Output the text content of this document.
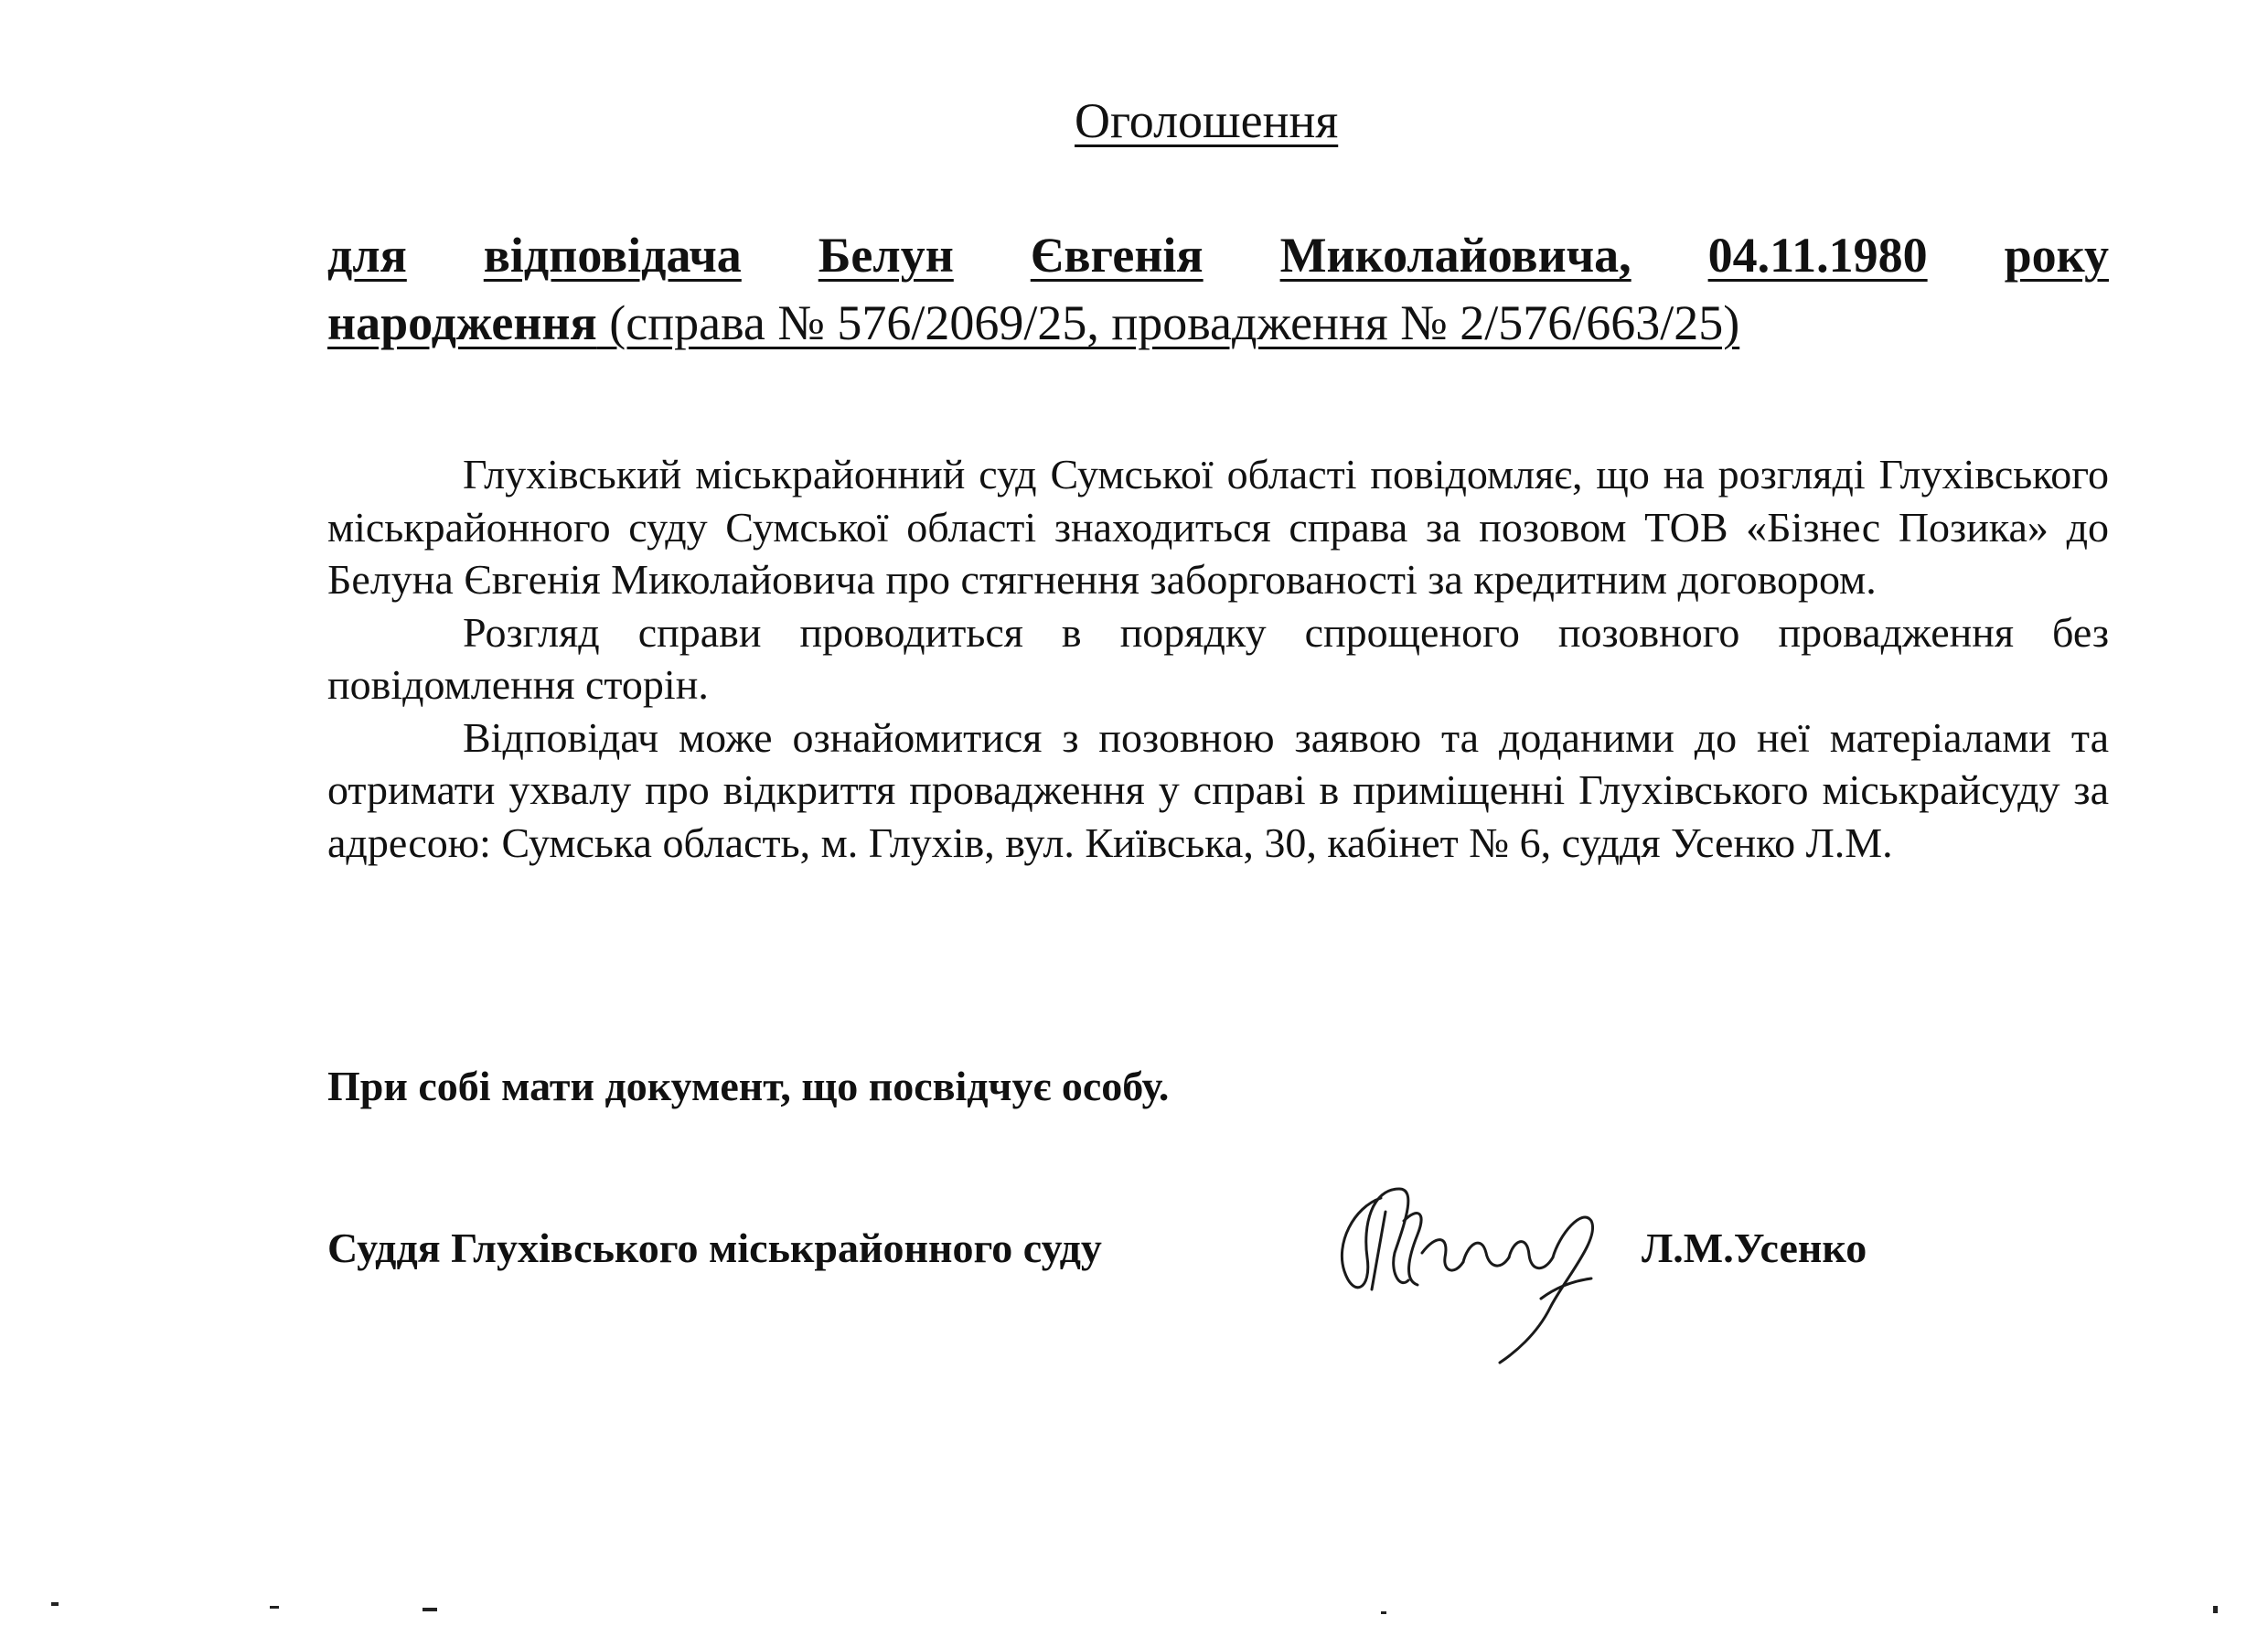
Оголошення
для відповідача Белун Євгенія Миколайовича, 04.11.1980 року
народження (справа № 576/2069/25, провадження № 2/576/663/25)

Глухівський міськрайонний суд Сумської області повідомляє, що на розгляді Глухівського міськрайонного суду Сумської області знаходиться справа за позовом ТОВ «Бізнес Позика» до Белуна Євгенія Миколайовича про стягнення заборгованості за кредитним договором.

Розгляд справи проводиться в порядку спрощеного позовного провадження без повідомлення сторін.

Відповідач може ознайомитися з позовною заявою та доданими до неї матеріалами та отримати ухвалу про відкриття провадження у справі в приміщенні Глухівського міськрайсуду за адресою: Сумська область, м. Глухів, вул. Київська, 30, кабінет № 6, суддя Усенко Л.М.

При собі мати документ, що посвідчує особу.
Суддя Глухівського міськрайонного суду	Л.М.Усенко
